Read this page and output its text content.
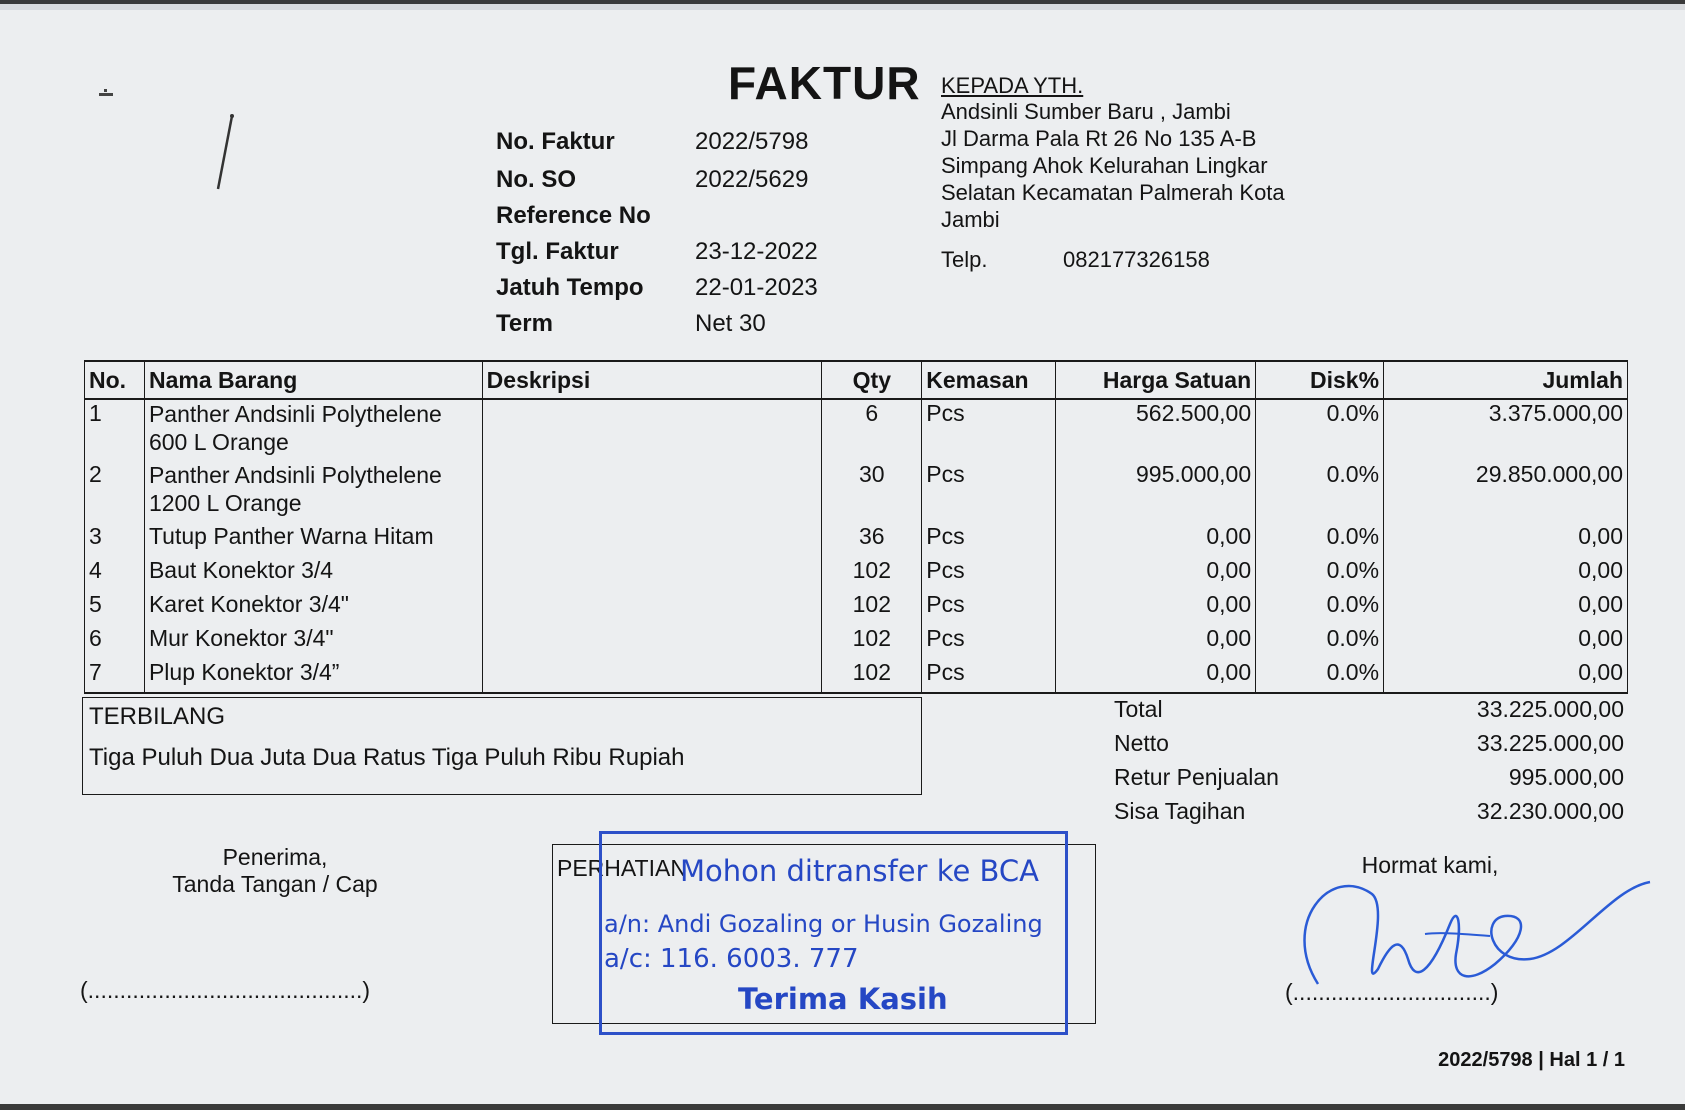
FAKTUR
No. Faktur	2022/5798
No. SO	2022/5629
Reference No
Tgl. Faktur	23-12-2022
Jatuh Tempo 22-01-2023
Term	Net 30
KEPADA YTH.
Andsinli Sumber Baru , Jambi
Jl Darma Pala Rt 26 No 135 A-B
Simpang Ahok Kelurahan Lingkar
Selatan Kecamatan Palmerah Kota
Jambi
Telp.	082177326158
No.	Nama Barang	Deskripsi	Qty	Kemasan	Harga Satuan	Disk%	Jumlah
1	Panther Andsinli Polythelene 600 L Orange		6	Pcs	562.500,00	0.0%	3.375.000,00
2	Panther Andsinli Polythelene 1200 L Orange		30	Pcs	995.000,00	0.0%	29.850.000,00
3	Tutup Panther Warna Hitam		36	Pcs	0,00	0.0%	0,00
4	Baut Konektor 3/4		102	Pcs	0,00	0.0%	0,00
5	Karet Konektor 3/4"		102	Pcs	0,00	0.0%	0,00
6	Mur Konektor 3/4"		102	Pcs	0,00	0.0%	0,00
7	Plup Konektor 3/4”		102	Pcs	0,00	0.0%	0,00
TERBILANG
Tiga Puluh Dua Juta Dua Ratus Tiga Puluh Ribu Rupiah
Total	33.225.000,00
Netto	33.225.000,00
Retur Penjualan	995.000,00
Sisa Tagihan	32.230.000,00
Penerima,
Tanda Tangan / Cap
(...........................................)
PERHATIAN
Mohon ditransfer ke BCA
a/n: Andi Gozaling or Husin Gozaling
a/c: 116. 6003. 777
Terima Kasih
Hormat kami,
(...............................)
2022/5798 | Hal 1 / 1
